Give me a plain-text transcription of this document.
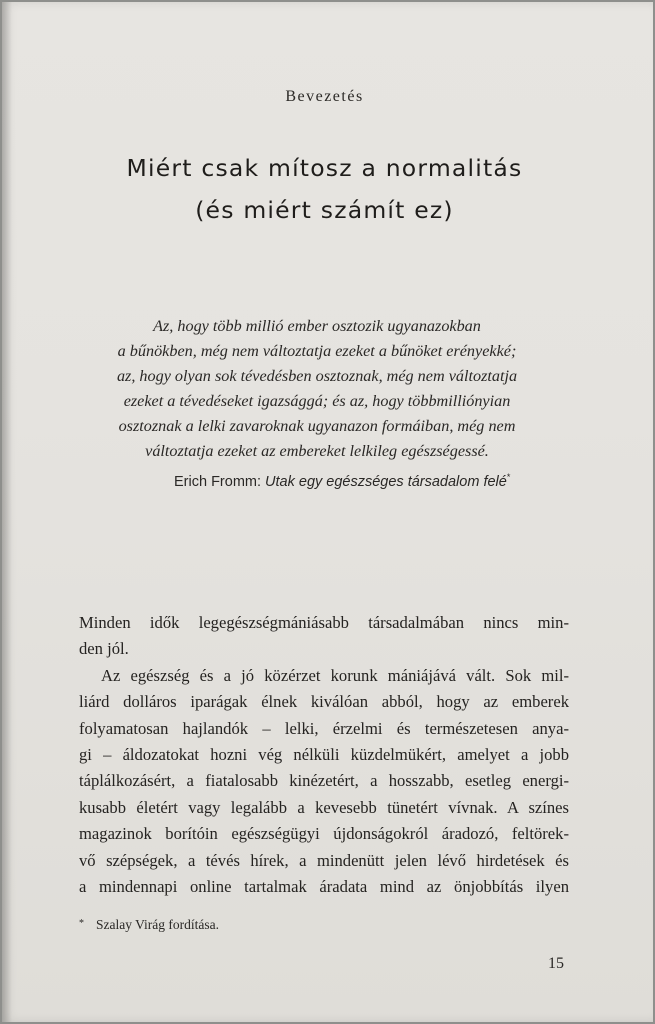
Bevezetés
Miért csak mítosz a normalitás
(és miért számít ez)
Az, hogy több millió ember osztozik ugyanazokban
a bűnökben, még nem változtatja ezeket a bűnöket erényekké;
az, hogy olyan sok tévedésben osztoznak, még nem változtatja
ezeket a tévedéseket igazsággá; és az, hogy többmilliónyian
osztoznak a lelki zavaroknak ugyanazon formáiban, még nem
változtatja ezeket az embereket lelkileg egészségessé.
Erich Fromm: Utak egy egészséges társadalom felé*
Minden idők legegészségmániásabb társadalmában nincs min-
den jól.
Az egészség és a jó közérzet korunk mániájává vált. Sok mil-
liárd dolláros iparágak élnek kiválóan abból, hogy az emberek
folyamatosan hajlandók – lelki, érzelmi és természetesen anya-
gi – áldozatokat hozni vég nélküli küzdelmükért, amelyet a jobb
táplálkozásért, a fiatalosabb kinézetért, a hosszabb, esetleg energi-
kusabb életért vagy legalább a kevesebb tünetért vívnak. A színes
magazinok borítóin egészségügyi újdonságokról áradozó, feltörek-
vő szépségek, a tévés hírek, a mindenütt jelen lévő hirdetések és
a mindennapi online tartalmak áradata mind az önjobbítás ilyen
* Szalay Virág fordítása.
15
